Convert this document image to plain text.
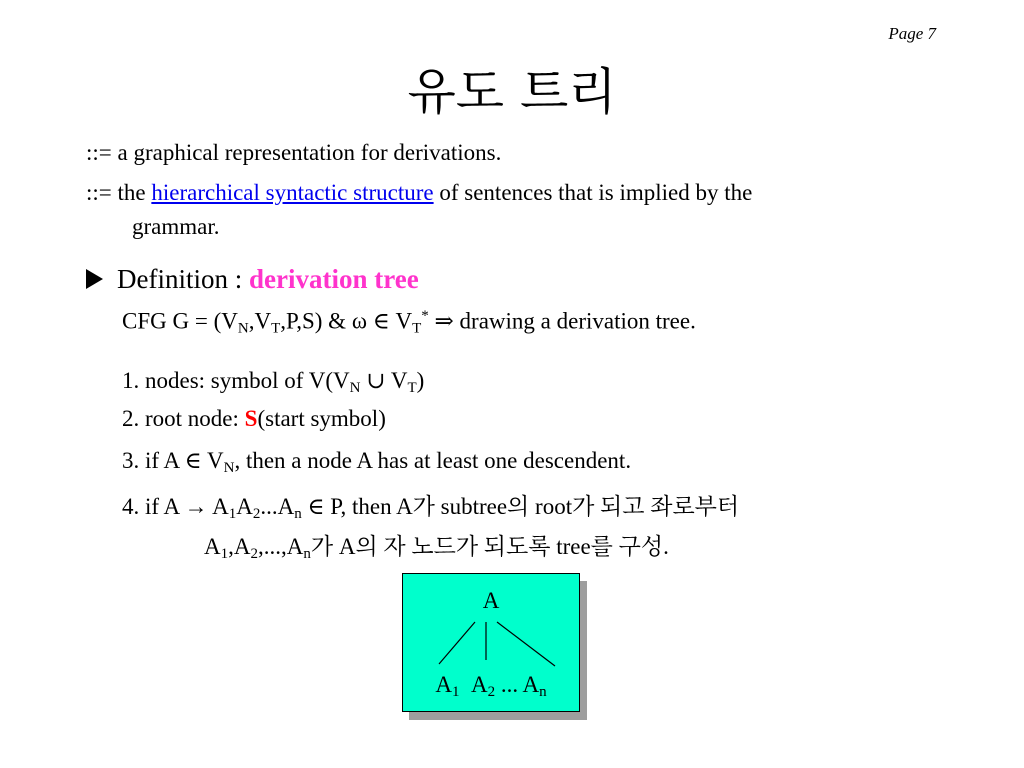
Page 7
유도 트리
::= a graphical representation for derivations.
::= the hierarchical syntactic structure of sentences that is implied by the
grammar.
Definition : derivation tree
CFG $G = (V_N,V_T,P,S)$ & ω ∈ $V_T^*$ ⇒ drawing a derivation tree.
1. nodes: symbol of $V(V_N$ ∪ $V_T$)
2. root node: S(start symbol)
3. if A ∈ $V_N$, then a node A has at least one descendent.
4. if $A \to A_1A_2...A_n$ ∈ P, then A가 subtree의 root가 되고 좌로부터
$A_1,A_2,...,A_n$가 A의 자 노드가 되도록 tree를 구성.
A
$A_1$ $A_2$ ... $A_n$
